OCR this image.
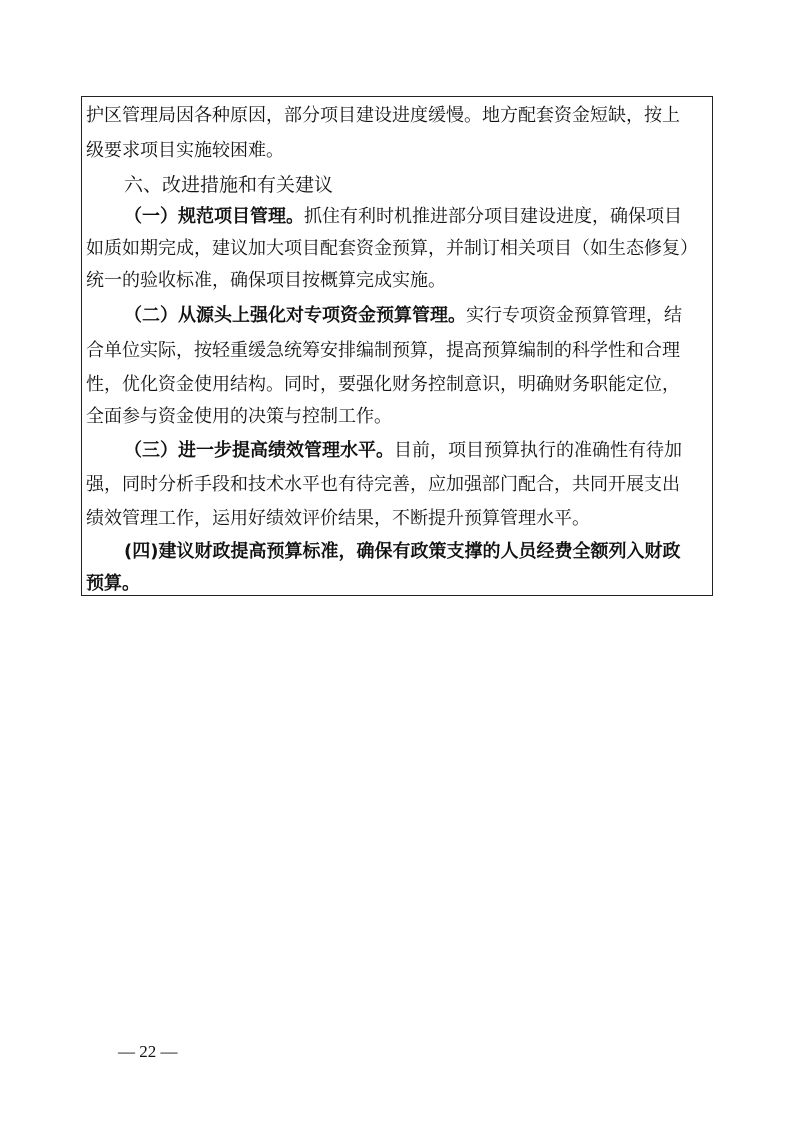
护区管理局因各种原因，部分项目建设进度缓慢。地方配套资金短缺，按上
级要求项目实施较困难。
六、改进措施和有关建议
（一）规范项目管理。抓住有利时机推进部分项目建设进度，确保项目
如质如期完成，建议加大项目配套资金预算，并制订相关项目（如生态修复）
统一的验收标准，确保项目按概算完成实施。
（二）从源头上强化对专项资金预算管理。实行专项资金预算管理，结
合单位实际，按轻重缓急统筹安排编制预算，提高预算编制的科学性和合理
性，优化资金使用结构。同时，要强化财务控制意识，明确财务职能定位，
全面参与资金使用的决策与控制工作。
（三）进一步提高绩效管理水平。目前，项目预算执行的准确性有待加
强，同时分析手段和技术水平也有待完善，应加强部门配合，共同开展支出
绩效管理工作，运用好绩效评价结果，不断提升预算管理水平。
(四)建议财政提高预算标准，确保有政策支撑的人员经费全额列入财政
预算。
— 22 —
